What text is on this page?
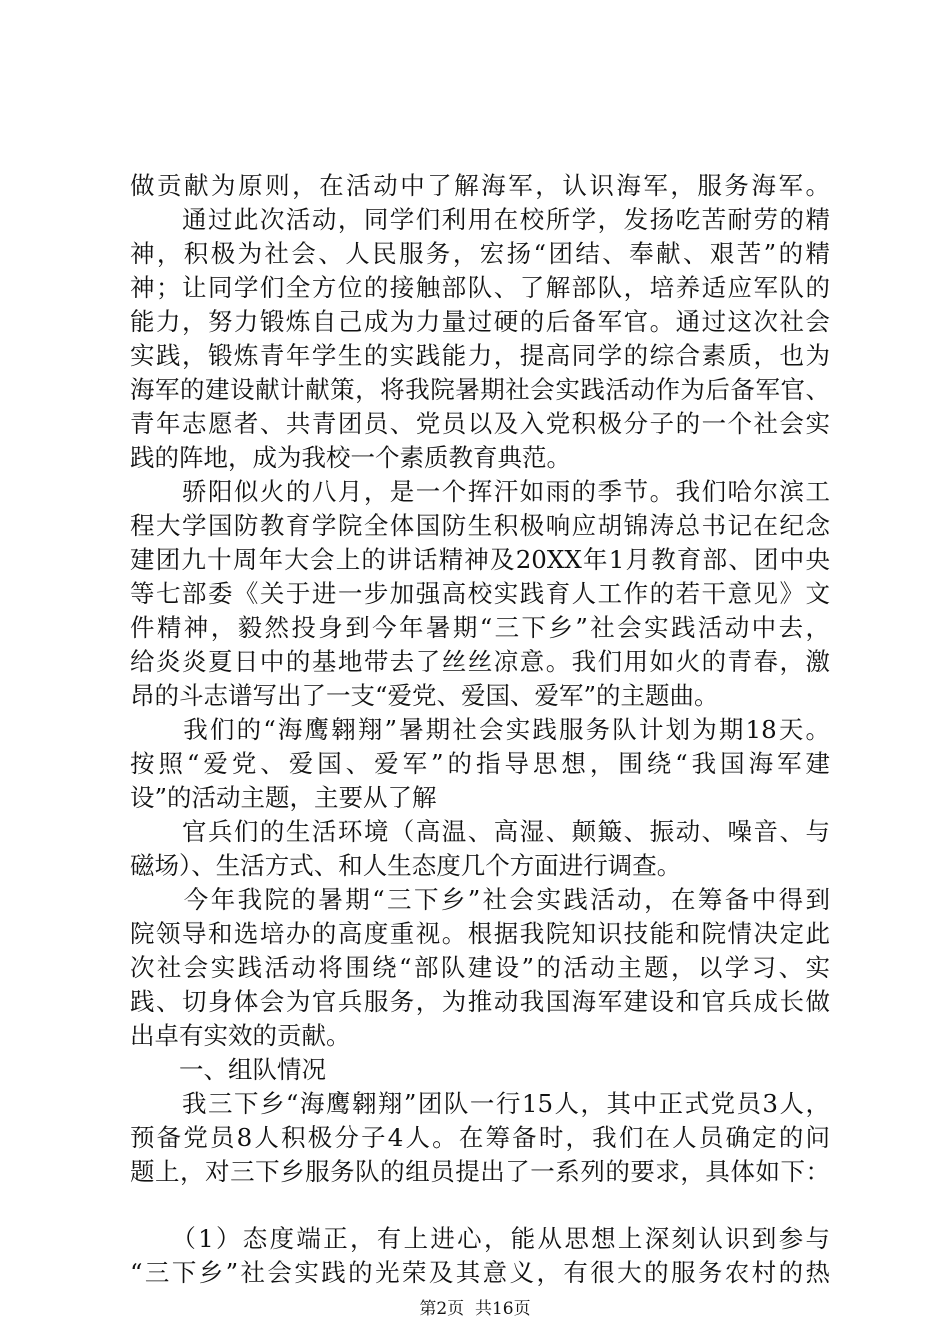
做贡献为原则，在活动中了解海军，认识海军，服务海军。
　　通过此次活动，同学们利用在校所学，发扬吃苦耐劳的精
神，积极为社会、人民服务，宏扬“团结、奉献、艰苦”的精
神；让同学们全方位的接触部队、了解部队，培养适应军队的
能力，努力锻炼自己成为力量过硬的后备军官。通过这次社会
实践，锻炼青年学生的实践能力，提高同学的综合素质，也为
海军的建设献计献策，将我院暑期社会实践活动作为后备军官、
青年志愿者、共青团员、党员以及入党积极分子的一个社会实
践的阵地，成为我校一个素质教育典范。
　　骄阳似火的八月，是一个挥汗如雨的季节。我们哈尔滨工
程大学国防教育学院全体国防生积极响应胡锦涛总书记在纪念
建团九十周年大会上的讲话精神及20XX年1月教育部、团中央
等七部委《关于进一步加强高校实践育人工作的若干意见》文
件精神，毅然投身到今年暑期“三下乡”社会实践活动中去，
给炎炎夏日中的基地带去了丝丝凉意。我们用如火的青春，激
昂的斗志谱写出了一支“爱党、爱国、爱军”的主题曲。
　　我们的“海鹰翱翔”暑期社会实践服务队计划为期18天。
按照“爱党、爱国、爱军”的指导思想，围绕“我国海军建
设”的活动主题，主要从了解
　　官兵们的生活环境（高温、高湿、颠簸、振动、噪音、与
磁场）、生活方式、和人生态度几个方面进行调查。
　　今年我院的暑期“三下乡”社会实践活动，在筹备中得到
院领导和选培办的高度重视。根据我院知识技能和院情决定此
次社会实践活动将围绕“部队建设”的活动主题，以学习、实
践、切身体会为官兵服务，为推动我国海军建设和官兵成长做
出卓有实效的贡献。
　　一、组队情况
　　我三下乡“海鹰翱翔”团队一行15人，其中正式党员3人，
预备党员8人积极分子4人。在筹备时，我们在人员确定的问
题上，对三下乡服务队的组员提出了一系列的要求，具体如下：
　　（1）态度端正，有上进心，能从思想上深刻认识到参与
“三下乡”社会实践的光荣及其意义，有很大的服务农村的热
第2页  共16页
